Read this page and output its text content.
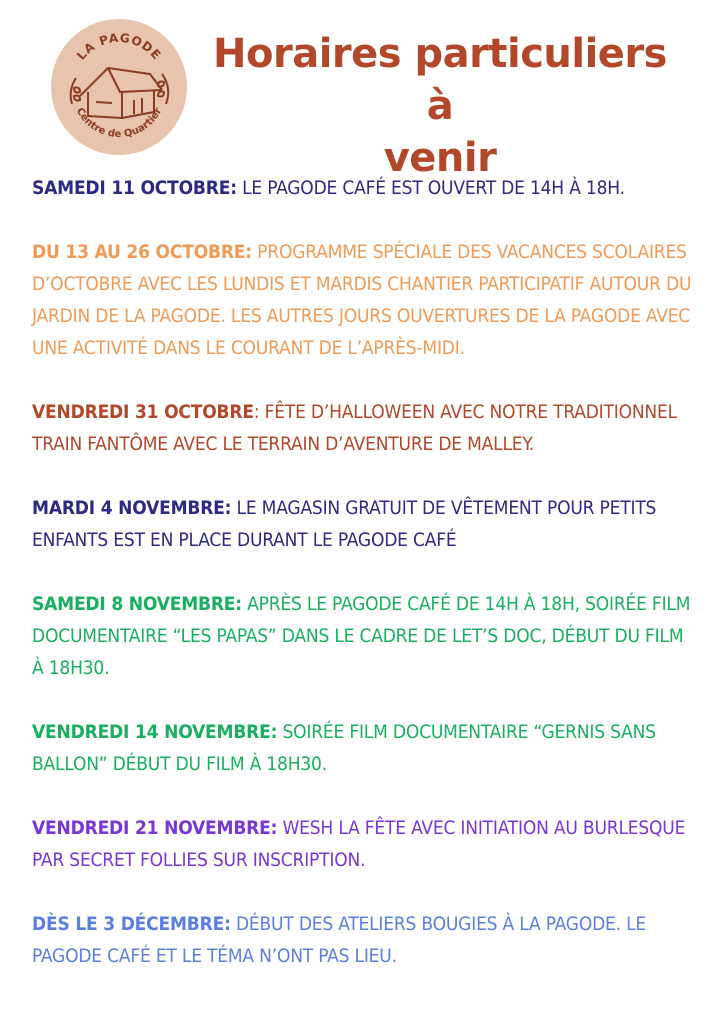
LA PAGODE
Centre de Quartier
Horaires particuliers à
venir

SAMEDI 11 OCTOBRE: LE PAGODE CAFÉ EST OUVERT DE 14H À 18H.

DU 13 AU 26 OCTOBRE: PROGRAMME SPÉCIALE DES VACANCES SCOLAIRES D’OCTOBRE AVEC LES LUNDIS ET MARDIS CHANTIER PARTICIPATIF AUTOUR DU JARDIN DE LA PAGODE. LES AUTRES JOURS OUVERTURES DE LA PAGODE AVEC UNE ACTIVITÉ DANS LE COURANT DE L’APRÈS-MIDI.

VENDREDI 31 OCTOBRE: FÊTE D’HALLOWEEN AVEC NOTRE TRADITIONNEL TRAIN FANTÔME AVEC LE TERRAIN D’AVENTURE DE MALLEY.

MARDI 4 NOVEMBRE: LE MAGASIN GRATUIT DE VÊTEMENT POUR PETITS ENFANTS EST EN PLACE DURANT LE PAGODE CAFÉ

SAMEDI 8 NOVEMBRE: APRÈS LE PAGODE CAFÉ DE 14H À 18H, SOIRÉE FILM DOCUMENTAIRE “LES PAPAS” DANS LE CADRE DE LET’S DOC, DÉBUT DU FILM À 18H30.

VENDREDI 14 NOVEMBRE: SOIRÉE FILM DOCUMENTAIRE “GERNIS SANS BALLON” DÉBUT DU FILM À 18H30.

VENDREDI 21 NOVEMBRE: WESH LA FÊTE AVEC INITIATION AU BURLESQUE PAR SECRET FOLLIES SUR INSCRIPTION.

DÈS LE 3 DÉCEMBRE: DÉBUT DES ATELIERS BOUGIES À LA PAGODE. LE PAGODE CAFÉ ET LE TÉMA N’ONT PAS LIEU.
